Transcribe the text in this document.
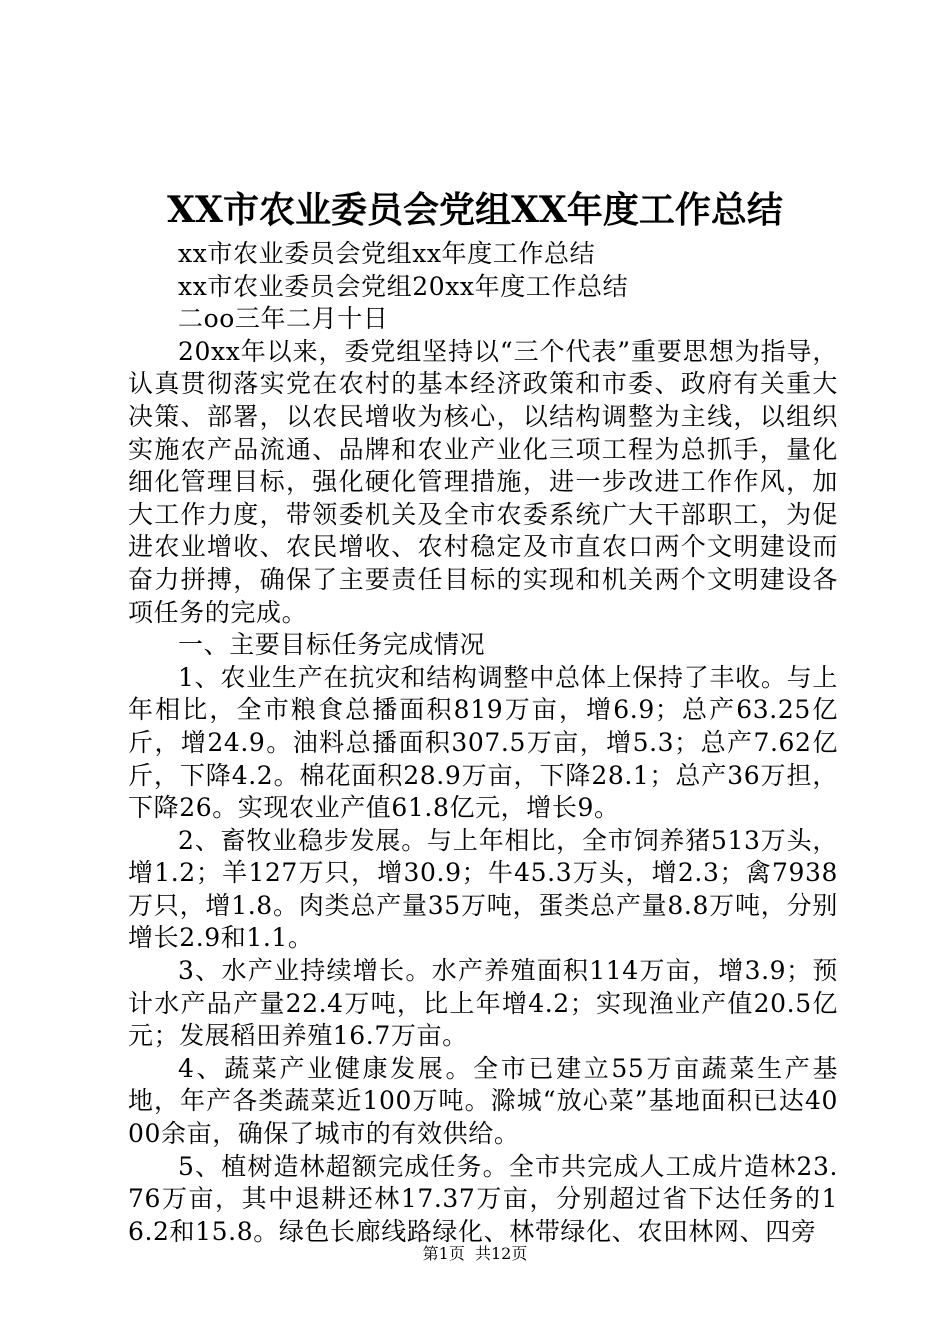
XX市农业委员会党组XX年度工作总结

xx市农业委员会党组xx年度工作总结

xx市农业委员会党组20xx年度工作总结

二oo三年二月十日

20xx年以来，委党组坚持以“三个代表”重要思想为指导，认真贯彻落实党在农村的基本经济政策和市委、政府有关重大决策、部署，以农民增收为核心，以结构调整为主线，以组织实施农产品流通、品牌和农业产业化三项工程为总抓手，量化细化管理目标，强化硬化管理措施，进一步改进工作作风，加大工作力度，带领委机关及全市农委系统广大干部职工，为促进农业增收、农民增收、农村稳定及市直农口两个文明建设而奋力拼搏，确保了主要责任目标的实现和机关两个文明建设各项任务的完成。

一、主要目标任务完成情况

1、农业生产在抗灾和结构调整中总体上保持了丰收。与上年相比，全市粮食总播面积819万亩，增6.9；总产63.25亿斤，增24.9。油料总播面积307.5万亩，增5.3；总产7.62亿斤，下降4.2。棉花面积28.9万亩，下降28.1；总产36万担，下降26。实现农业产值61.8亿元，增长9。

2、畜牧业稳步发展。与上年相比，全市饲养猪513万头，增1.2；羊127万只，增30.9；牛45.3万头，增2.3；禽7938万只，增1.8。肉类总产量35万吨，蛋类总产量8.8万吨，分别增长2.9和1.1。

3、水产业持续增长。水产养殖面积114万亩，增3.9；预计水产品产量22.4万吨，比上年增4.2；实现渔业产值20.5亿元；发展稻田养殖16.7万亩。

4、蔬菜产业健康发展。全市已建立55万亩蔬菜生产基地，年产各类蔬菜近100万吨。滁城“放心菜”基地面积已达4000余亩，确保了城市的有效供给。

5、植树造林超额完成任务。全市共完成人工成片造林23.76万亩，其中退耕还林17.37万亩，分别超过省下达任务的16.2和15.8。绿色长廊线路绿化、林带绿化、农田林网、四旁

第1页  共12页
